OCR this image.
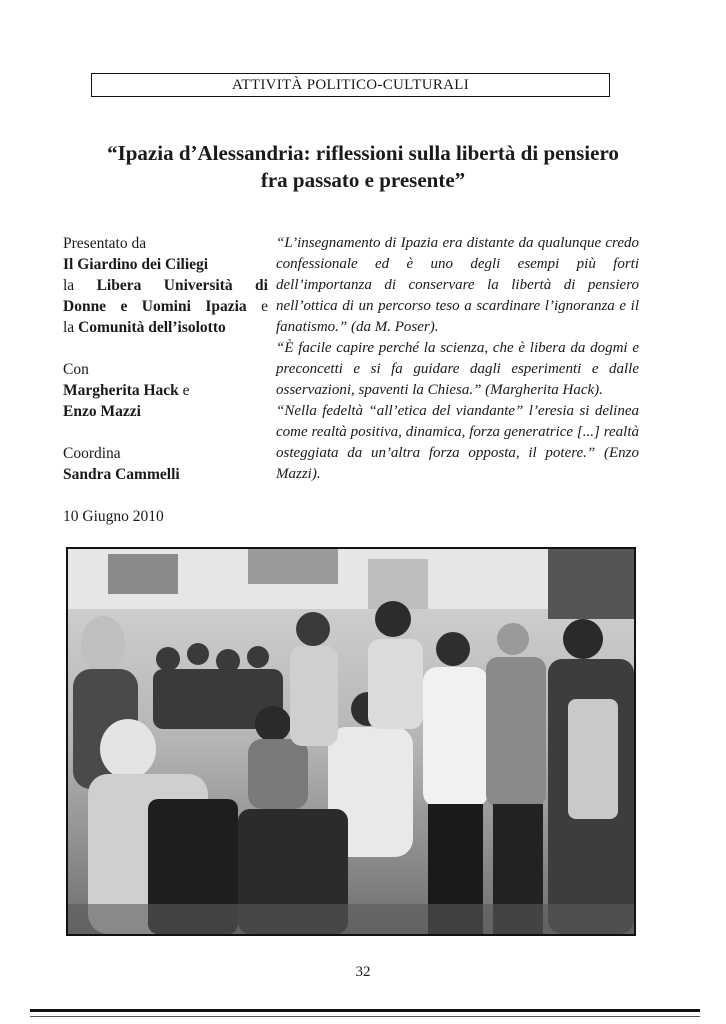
ATTIVITÀ POLITICO-CULTURALI
“Ipazia d’Alessandria: riflessioni sulla libertà di pensiero
fra passato e presente”
Presentato da
Il Giardino dei Ciliegi
la Libera Università di
Donne e Uomini Ipazia e
la Comunità dell’isolotto
Con
Margherita Hack e
Enzo Mazzi
Coordina
Sandra Cammelli
10 Giugno 2010

“L’insegnamento di Ipazia era distante da qualunque credo confessionale ed è uno degli esempi più forti dell’importanza di conservare la libertà di pensiero nell’ottica di un percorso teso a scardinare l’ignoranza e il fanatismo.” (da M. Poser).

“È facile capire perché la scienza, che è libera da dogmi e preconcetti e si fa guidare dagli esperimenti e dalle osservazioni, spaventi la Chiesa.” (Margherita Hack).

“Nella fedeltà “all’etica del viandante” l’eresia si delinea come realtà positiva, dinamica, forza generatrice [...] realtà osteggiata da un’altra forza opposta, il potere.” (Enzo Mazzi).

32
